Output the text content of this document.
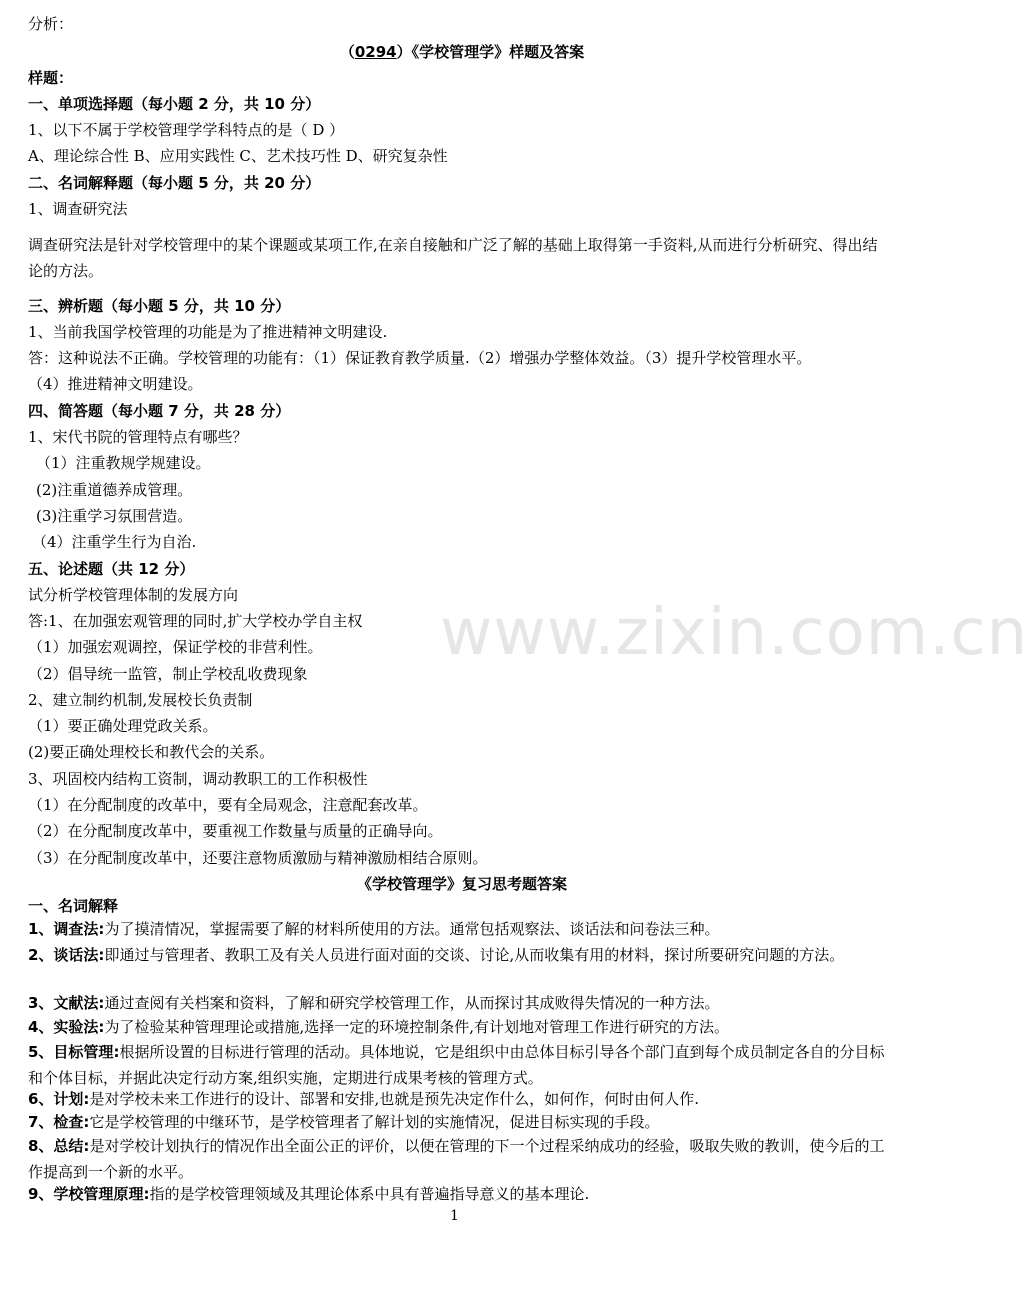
分析：
（0294）《学校管理学》样题及答案
样题：
一、单项选择题（每小题 2 分，共 10 分）
1、以下不属于学校管理学学科特点的是（ D ）
A、理论综合性 B、应用实践性 C、艺术技巧性 D、研究复杂性
二、名词解释题（每小题 5 分，共 20 分）
1、调查研究法
调查研究法是针对学校管理中的某个课题或某项工作,在亲自接触和广泛了解的基础上取得第一手资料,从而进行分析研究、得出结论的方法。
三、辨析题（每小题 5 分，共 10 分）
1、当前我国学校管理的功能是为了推进精神文明建设.
答：这种说法不正确。学校管理的功能有：（1）保证教育教学质量.（2）增强办学整体效益。（3）提升学校管理水平。
（4）推进精神文明建设。
四、简答题（每小题 7 分，共 28 分）
1、宋代书院的管理特点有哪些？
（1）注重教规学规建设。
(2)注重道德养成管理。
(3)注重学习氛围营造。
（4）注重学生行为自治.
五、论述题（共 12 分）
试分析学校管理体制的发展方向
答:1、在加强宏观管理的同时,扩大学校办学自主权
（1）加强宏观调控，保证学校的非营利性。
（2）倡导统一监管，制止学校乱收费现象
2、建立制约机制,发展校长负责制
（1）要正确处理党政关系。
(2)要正确处理校长和教代会的关系。
3、巩固校内结构工资制，调动教职工的工作积极性
（1）在分配制度的改革中，要有全局观念，注意配套改革。
（2）在分配制度改革中，要重视工作数量与质量的正确导向。
（3）在分配制度改革中，还要注意物质激励与精神激励相结合原则。
《学校管理学》复习思考题答案
一、名词解释
1、调查法:为了摸清情况，掌握需要了解的材料所使用的方法。通常包括观察法、谈话法和问卷法三种。
2、谈话法:即通过与管理者、教职工及有关人员进行面对面的交谈、讨论,从而收集有用的材料，探讨所要研究问题的方法。
3、文献法:通过查阅有关档案和资料，了解和研究学校管理工作，从而探讨其成败得失情况的一种方法。
4、实验法:为了检验某种管理理论或措施,选择一定的环境控制条件,有计划地对管理工作进行研究的方法。
5、目标管理:根据所设置的目标进行管理的活动。具体地说，它是组织中由总体目标引导各个部门直到每个成员制定各自的分目标和个体目标，并据此决定行动方案,组织实施，定期进行成果考核的管理方式。
6、计划:是对学校未来工作进行的设计、部署和安排,也就是预先决定作什么，如何作，何时由何人作.
7、检查:它是学校管理的中继环节，是学校管理者了解计划的实施情况，促进目标实现的手段。
8、总结:是对学校计划执行的情况作出全面公正的评价，以便在管理的下一个过程采纳成功的经验，吸取失败的教训，使今后的工作提高到一个新的水平。
9、学校管理原理:指的是学校管理领域及其理论体系中具有普遍指导意义的基本理论.
www.zixin.com.cn
1
